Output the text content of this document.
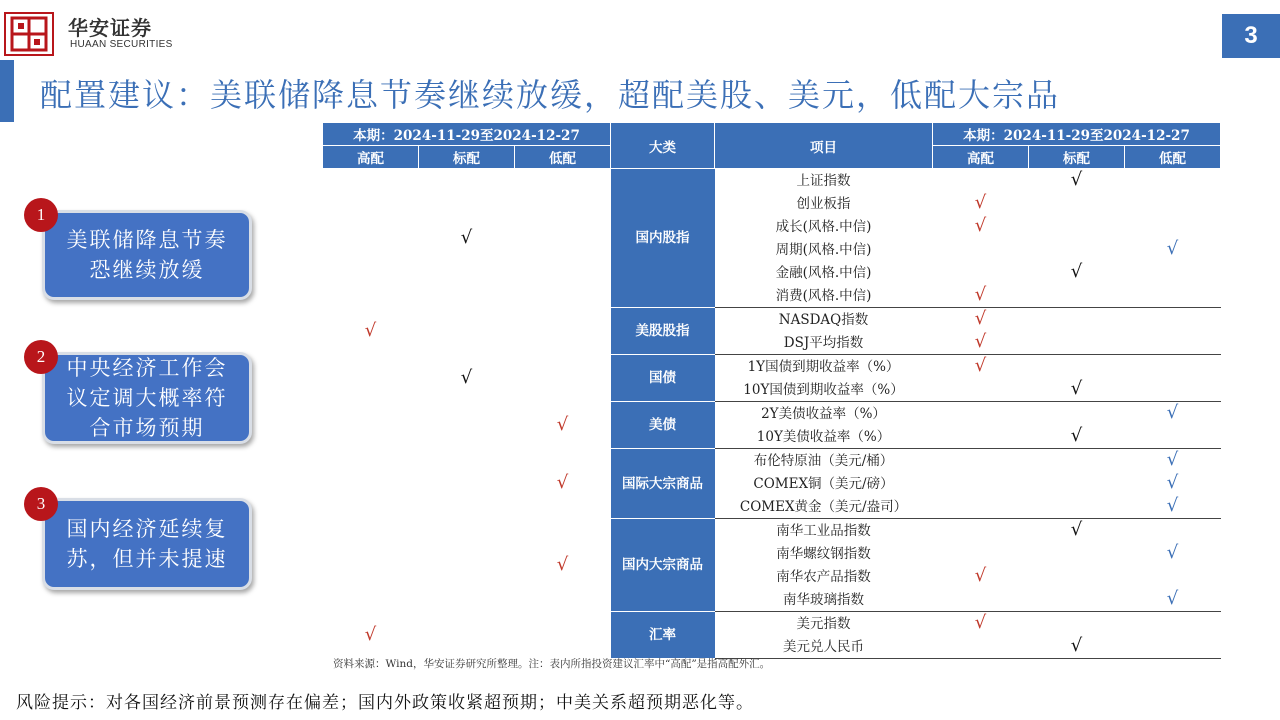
华安证券
HUAAN SECURITIES	3
配置建议：美联储降息节奏继续放缓，超配美股、美元，低配大宗品
美联储降息节奏恐继续放缓
1
中央经济工作会议定调大概率符合市场预期
2
国内经济延续复苏，但并未提速
3
本期：2024-11-29至2024-12-27			大类	项目	本期：2024-11-29至2024-12-27		
高配	标配	低配			高配	标配	低配
	√		国内股指	上证指数		√	
				创业板指	√		
				成长(风格.中信)	√		
				周期(风格.中信)			√
				金融(风格.中信)		√	
				消费(风格.中信)	√		
√			美股股指	NASDAQ指数	√		
				DSJ平均指数	√		
	√		国债	1Y国债到期收益率（%）	√		
				10Y国债到期收益率（%）		√	
		√	美债	2Y美债收益率（%）			√
				10Y美债收益率（%）		√	
		√	国际大宗商品	布伦特原油（美元/桶）			√
				COMEX铜（美元/磅）			√
				COMEX黄金（美元/盎司）			√
		√	国内大宗商品	南华工业品指数		√	
				南华螺纹钢指数			√
				南华农产品指数	√		
				南华玻璃指数			√
√			汇率	美元指数	√		
				美元兑人民币		√	
资料来源：Wind，华安证券研究所整理。注：表内所指投资建议汇率中“高配”是指高配外汇。
风险提示：对各国经济前景预测存在偏差；国内外政策收紧超预期；中美关系超预期恶化等。
